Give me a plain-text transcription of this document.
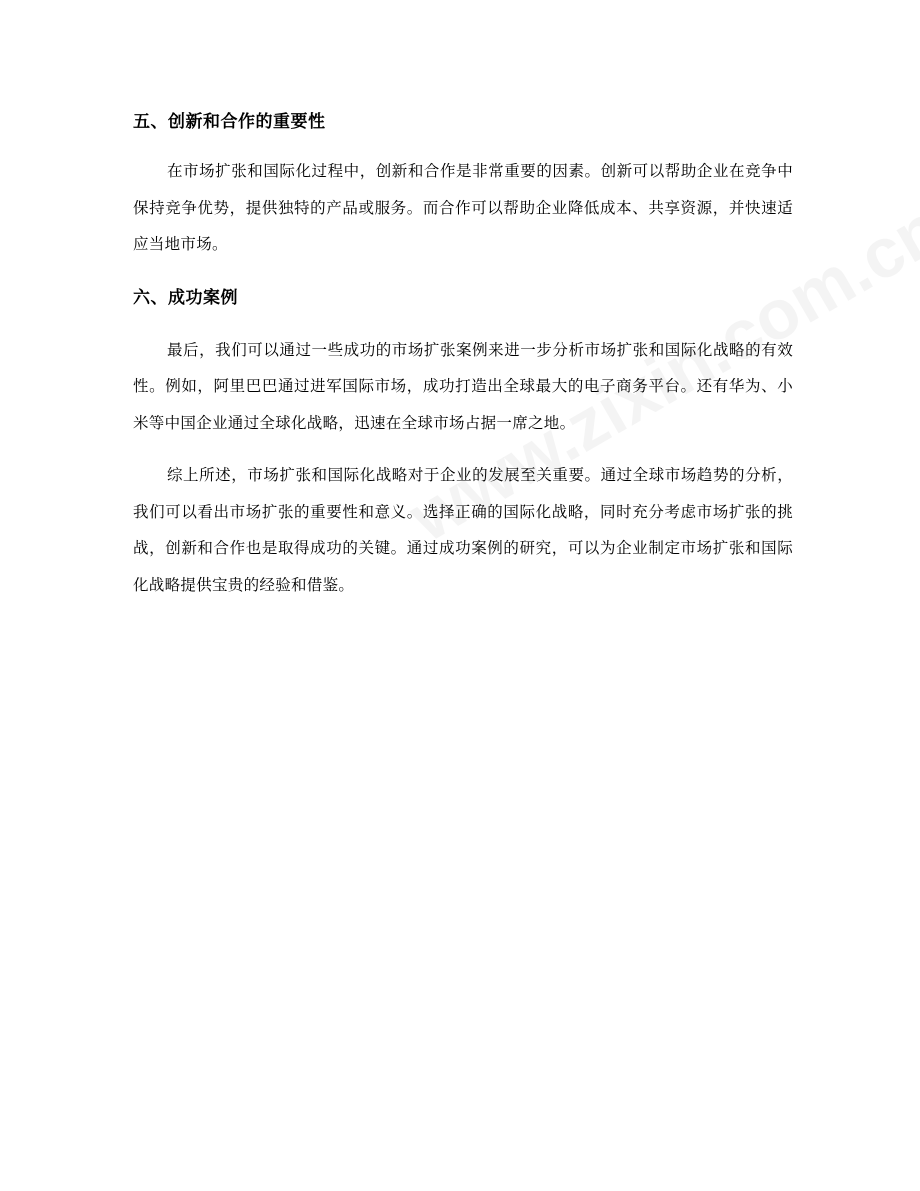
五、创新和合作的重要性

在市场扩张和国际化过程中，创新和合作是非常重要的因素。创新可以帮助企业在竞争中保持竞争优势，提供独特的产品或服务。而合作可以帮助企业降低成本、共享资源，并快速适应当地市场。

六、成功案例

最后，我们可以通过一些成功的市场扩张案例来进一步分析市场扩张和国际化战略的有效性。例如，阿里巴巴通过进军国际市场，成功打造出全球最大的电子商务平台。还有华为、小米等中国企业通过全球化战略，迅速在全球市场占据一席之地。

综上所述，市场扩张和国际化战略对于企业的发展至关重要。通过全球市场趋势的分析，我们可以看出市场扩张的重要性和意义。选择正确的国际化战略，同时充分考虑市场扩张的挑战，创新和合作也是取得成功的关键。通过成功案例的研究，可以为企业制定市场扩张和国际化战略提供宝贵的经验和借鉴。
